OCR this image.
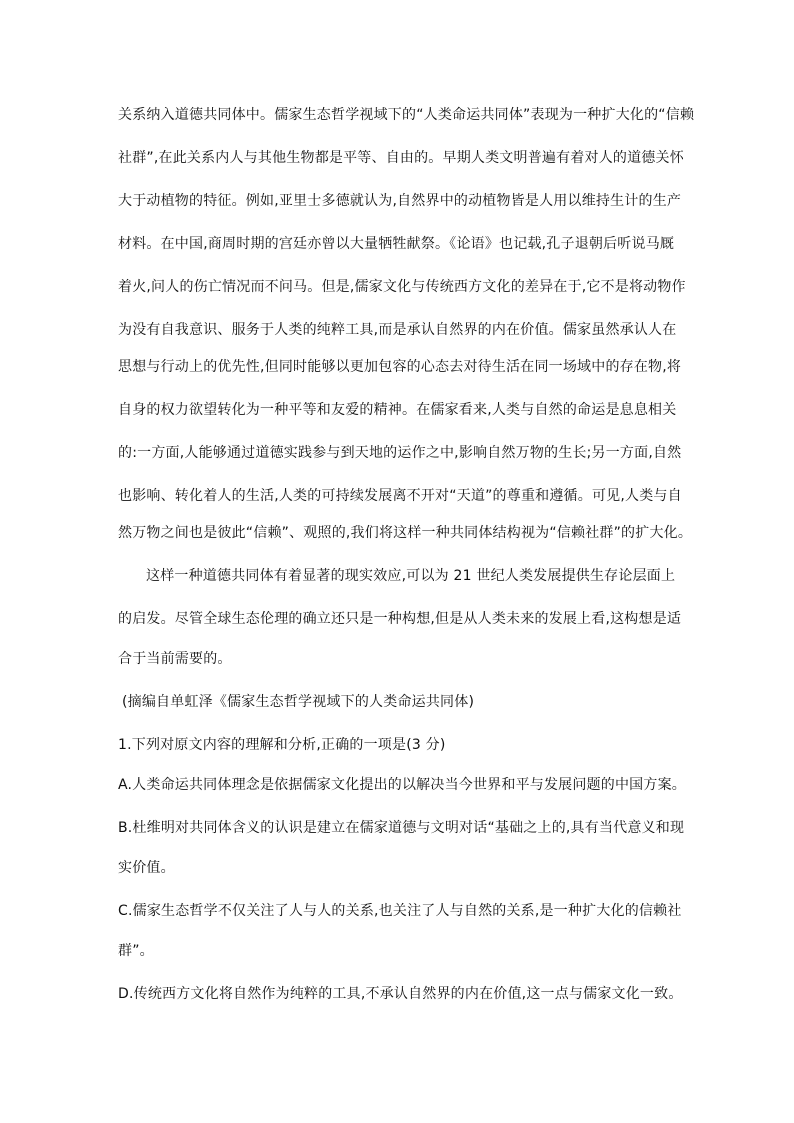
关系纳入道德共同体中。儒家生态哲学视域下的“人类命运共同体”表现为一种扩大化的“信赖
社群”,在此关系内人与其他生物都是平等、自由的。早期人类文明普遍有着对人的道德关怀
大于动植物的特征。例如,亚里士多德就认为,自然界中的动植物皆是人用以维持生计的生产
材料。在中国,商周时期的宫廷亦曾以大量牺牲献祭。《论语》也记载,孔子退朝后听说马厩
着火,问人的伤亡情况而不问马。但是,儒家文化与传统西方文化的差异在于,它不是将动物作
为没有自我意识、服务于人类的纯粹工具,而是承认自然界的内在价值。儒家虽然承认人在
思想与行动上的优先性,但同时能够以更加包容的心态去对待生活在同一场域中的存在物,将
自身的权力欲望转化为一种平等和友爱的精神。在儒家看来,人类与自然的命运是息息相关
的:一方面,人能够通过道德实践参与到天地的运作之中,影响自然万物的生长;另一方面,自然
也影响、转化着人的生活,人类的可持续发展离不开对“天道”的尊重和遵循。可见,人类与自
然万物之间也是彼此“信赖”、观照的,我们将这样一种共同体结构视为“信赖社群”的扩大化。
这样一种道德共同体有着显著的现实效应,可以为 21 世纪人类发展提供生存论层面上
的启发。尽管全球生态伦理的确立还只是一种构想,但是从人类未来的发展上看,这构想是适
合于当前需要的。
(摘编自单虹泽《儒家生态哲学视域下的人类命运共同体)
1.下列对原文内容的理解和分析,正确的一项是(3 分)
A.人类命运共同体理念是依据儒家文化提出的以解决当今世界和平与发展问题的中国方案。
B.杜维明对共同体含义的认识是建立在儒家道德与文明对话“基础之上的,具有当代意义和现
实价值。
C.儒家生态哲学不仅关注了人与人的关系,也关注了人与自然的关系,是一种扩大化的信赖社
群”。
D.传统西方文化将自然作为纯粹的工具,不承认自然界的内在价值,这一点与儒家文化一致。
